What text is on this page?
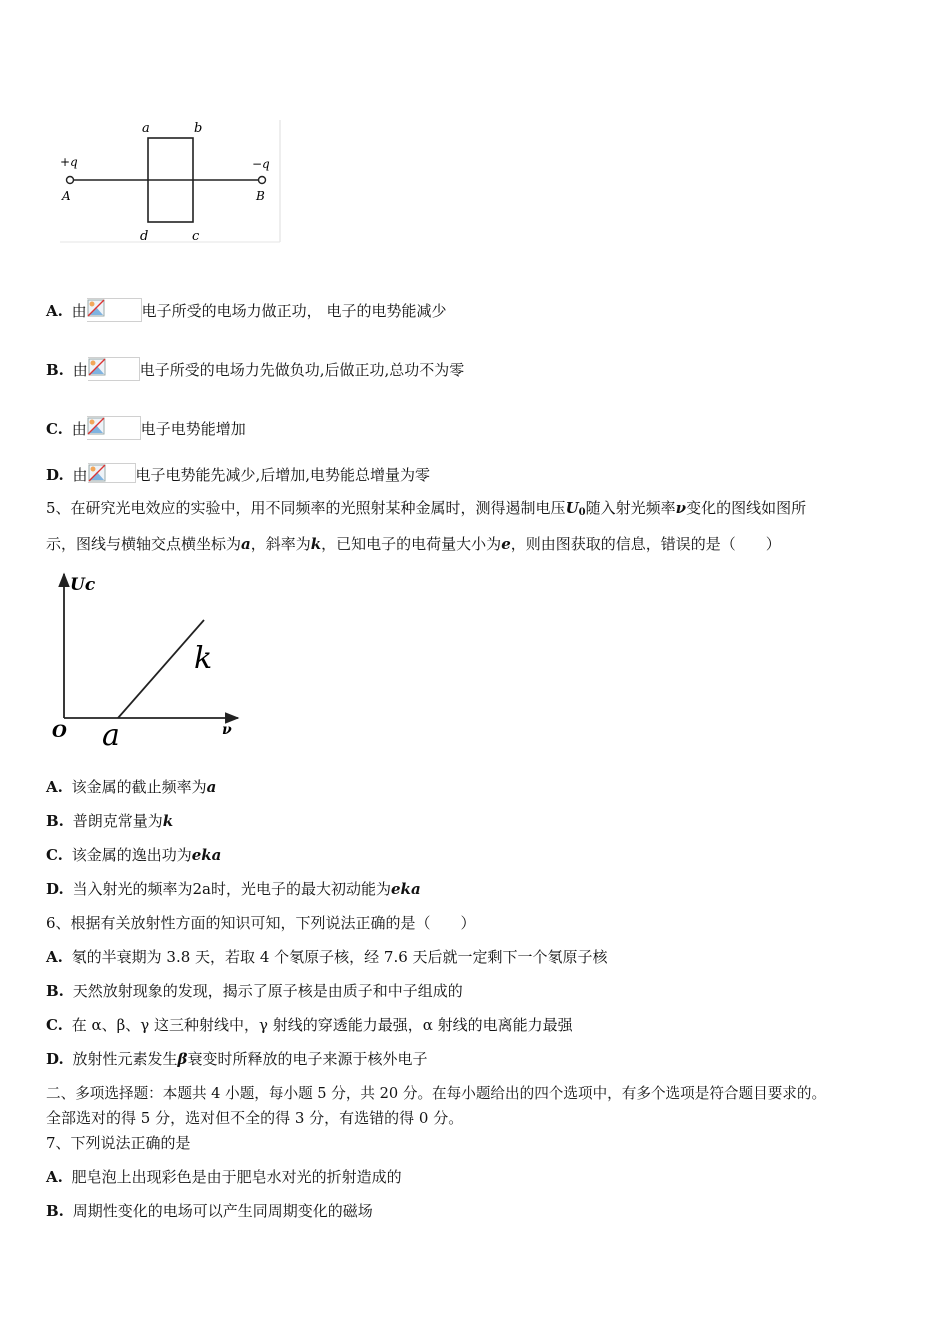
a	b
d	c
+q	−q
A	B
A. 由	电子所受的电场力做正功， 电子的电势能减少
B. 由	电子所受的电场力先做负功,后做正功,总功不为零
C. 由	电子电势能增加
D. 由	电子电势能先减少,后增加,电势能总增量为零
5、在研究光电效应的实验中，用不同频率的光照射某种金属时，测得遏制电压$U_0$随入射光频率ν变化的图线如图所
示，图线与横轴交点横坐标为a，斜率为k，已知电子的电荷量大小为e，则由图获取的信息，错误的是（　　）
Uc
O a
k
ν
A. 该金属的截止频率为a
B. 普朗克常量为k
C. 该金属的逸出功为eka
D. 当入射光的频率为2a时，光电子的最大初动能为eka
6、根据有关放射性方面的知识可知，下列说法正确的是（　　）
A. 氡的半衰期为 3.8 天，若取 4 个氡原子核，经 7.6 天后就一定剩下一个氡原子核
B. 天然放射现象的发现，揭示了原子核是由质子和中子组成的
C. 在 α、β、γ 这三种射线中，γ 射线的穿透能力最强，α 射线的电离能力最强
D. 放射性元素发生β衰变时所释放的电子来源于核外电子
二、多项选择题：本题共 4 小题，每小题 5 分，共 20 分。在每小题给出的四个选项中，有多个选项是符合题目要求的。
全部选对的得 5 分，选对但不全的得 3 分，有选错的得 0 分。
7、下列说法正确的是
A. 肥皂泡上出现彩色是由于肥皂水对光的折射造成的
B. 周期性变化的电场可以产生同周期变化的磁场
